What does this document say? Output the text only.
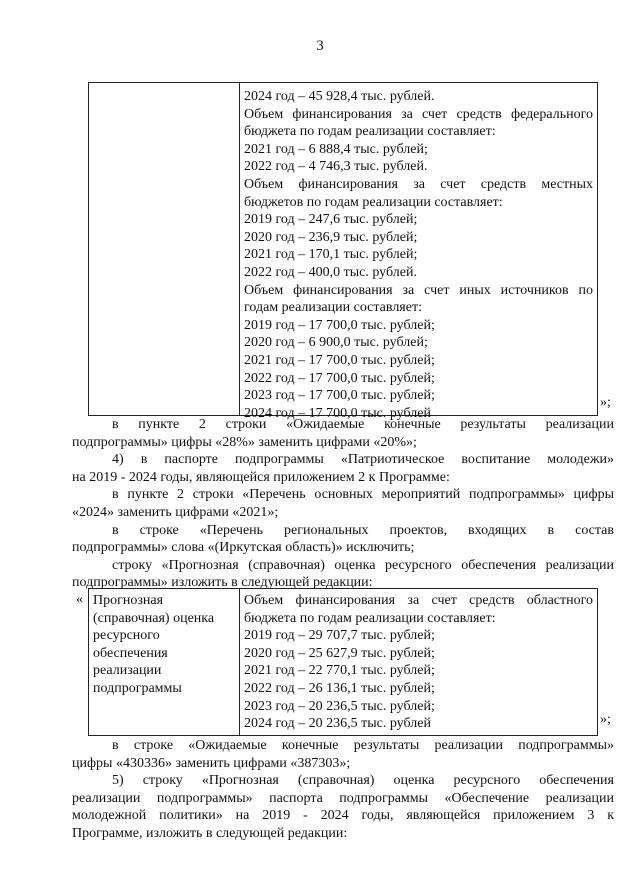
3
2024 год – 45 928,4 тыс. рублей.
Объем финансирования за счет средств федерального
бюджета по годам реализации составляет:
2021 год – 6 888,4 тыс. рублей;
2022 год – 4 746,3 тыс. рублей.
Объем финансирования за счет средств местных
бюджетов по годам реализации составляет:
2019 год – 247,6 тыс. рублей;
2020 год – 236,9 тыс. рублей;
2021 год – 170,1 тыс. рублей;
2022 год – 400,0 тыс. рублей.
Объем финансирования за счет иных источников по
годам реализации составляет:
2019 год – 17 700,0 тыс. рублей;
2020 год – 6 900,0 тыс. рублей;
2021 год – 17 700,0 тыс. рублей;
2022 год – 17 700,0 тыс. рублей;
2023 год – 17 700,0 тыс. рублей;
2024 год – 17 700,0 тыс. рублей
»;
в пункте 2 строки «Ожидаемые конечные результаты реализации
подпрограммы» цифры «28%» заменить цифрами «20%»;
4) в паспорте подпрограммы «Патриотическое воспитание молодежи»
на 2019 - 2024 годы, являющейся приложением 2 к Программе:
в пункте 2 строки «Перечень основных мероприятий подпрограммы» цифры
«2024» заменить цифрами «2021»;
в строке «Перечень региональных проектов, входящих в состав
подпрограммы» слова «(Иркутская область)» исключить;
строку «Прогнозная (справочная) оценка ресурсного обеспечения реализации
подпрограммы» изложить в следующей редакции:
« Прогнозная
(справочная) оценка
ресурсного
обеспечения
реализации
подпрограммы
Объем финансирования за счет средств областного
бюджета по годам реализации составляет:
2019 год – 29 707,7 тыс. рублей;
2020 год – 25 627,9 тыс. рублей;
2021 год – 22 770,1 тыс. рублей;
2022 год – 26 136,1 тыс. рублей;
2023 год – 20 236,5 тыс. рублей;
2024 год – 20 236,5 тыс. рублей	»;
в строке «Ожидаемые конечные результаты реализации подпрограммы»
цифры «430336» заменить цифрами «387303»;
5) строку «Прогнозная (справочная) оценка ресурсного обеспечения
реализации подпрограммы» паспорта подпрограммы «Обеспечение реализации
молодежной политики» на 2019 - 2024 годы, являющейся приложением 3 к
Программе, изложить в следующей редакции:
